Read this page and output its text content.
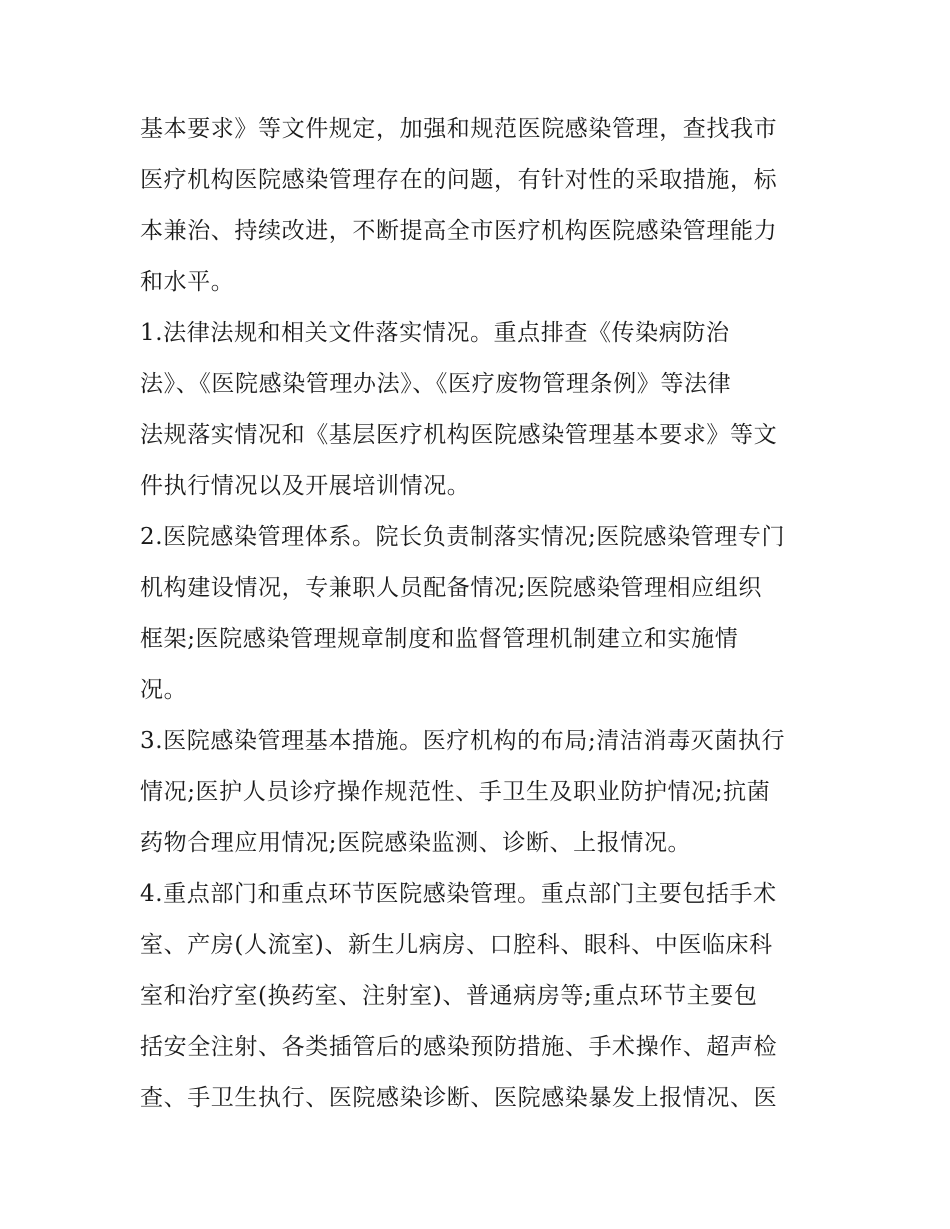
基本要求》等文件规定，加强和规范医院感染管理，查找我市
医疗机构医院感染管理存在的问题，有针对性的采取措施，标
本兼治、持续改进，不断提高全市医疗机构医院感染管理能力
和水平。
1.法律法规和相关文件落实情况。重点排查《传染病防治
法》、《医院感染管理办法》、《医疗废物管理条例》等法律
法规落实情况和《基层医疗机构医院感染管理基本要求》等文
件执行情况以及开展培训情况。
2.医院感染管理体系。院长负责制落实情况;医院感染管理专门
机构建设情况，专兼职人员配备情况;医院感染管理相应组织
框架;医院感染管理规章制度和监督管理机制建立和实施情
况。
3.医院感染管理基本措施。医疗机构的布局;清洁消毒灭菌执行
情况;医护人员诊疗操作规范性、手卫生及职业防护情况;抗菌
药物合理应用情况;医院感染监测、诊断、上报情况。
4.重点部门和重点环节医院感染管理。重点部门主要包括手术
室、产房(人流室)、新生儿病房、口腔科、眼科、中医临床科
室和治疗室(换药室、注射室)、普通病房等;重点环节主要包
括安全注射、各类插管后的感染预防措施、手术操作、超声检
查、手卫生执行、医院感染诊断、医院感染暴发上报情况、医
